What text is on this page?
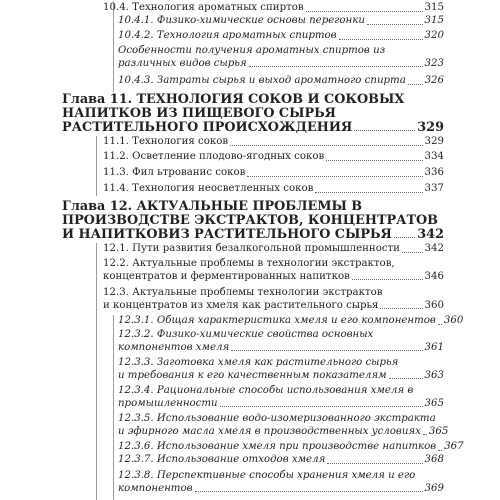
10.4. Технология ароматных спиртов	315
10.4.1. Физико-химические основы перегонки	315
10.4.2. Технология ароматных спиртов	320
Особенности получения ароматных спиртов из
различных видов сырья	323
10.4.3. Затраты сырья и выход ароматного спирта 326
Глава 11. ТЕХНОЛОГИЯ СОКОВ И СОКОВЫХ
НАПИТКОВ ИЗ ПИЩЕВОГО СЫРЬЯ
РАСТИТЕЛЬНОГО ПРОИСХОЖДЕНИЯ	329
11.1. Технология соков	329
11.2. Осветление плодово-ягодных соков	334
11.3. Фил ьтрованис соков	336
11.4. Технология неосветленных соков	337
Глава 12. АКТУАЛЬНЫЕ ПРОБЛЕМЫ В
ПРОИЗВОДСТВЕ ЭКСТРАКТОВ, КОНЦЕНТРАТОВ
И НАПИТКОВИЗ РАСТИТЕЛЬНОГО СЫРЬЯ 342
12.1. Пути развития безалкогольной промышленности 342
12.2. Актуальные проблемы в технологии экстрактов,
концентратов и ферментированных напитков	346
12.3. Актуальные проблемы технологии экстрактов
и концентратов из хмеля как растительного сырья	360
12.3.1. Общая характеристика хмеля и его компонентов 360
12.3.2. Физико-химические свойства основных
компонентов хмеля	361
12.3.3. Заготовка хмеля как растительного сырья
и требования к его качественным показателям	363
12.3.4. Рациональные способы использования хмеля в
промышленности	365
12.3.5. Использование водо-изомеризованного экстракта
и эфирного масла хмеля в производственных условиях 365
12.3.6. Использование хмеля при производстве напитков 367
12.3.7. Использование отходов хмеля	368
12.3.8. Перспективные способы хранения хмеля и его
компонентов	369
